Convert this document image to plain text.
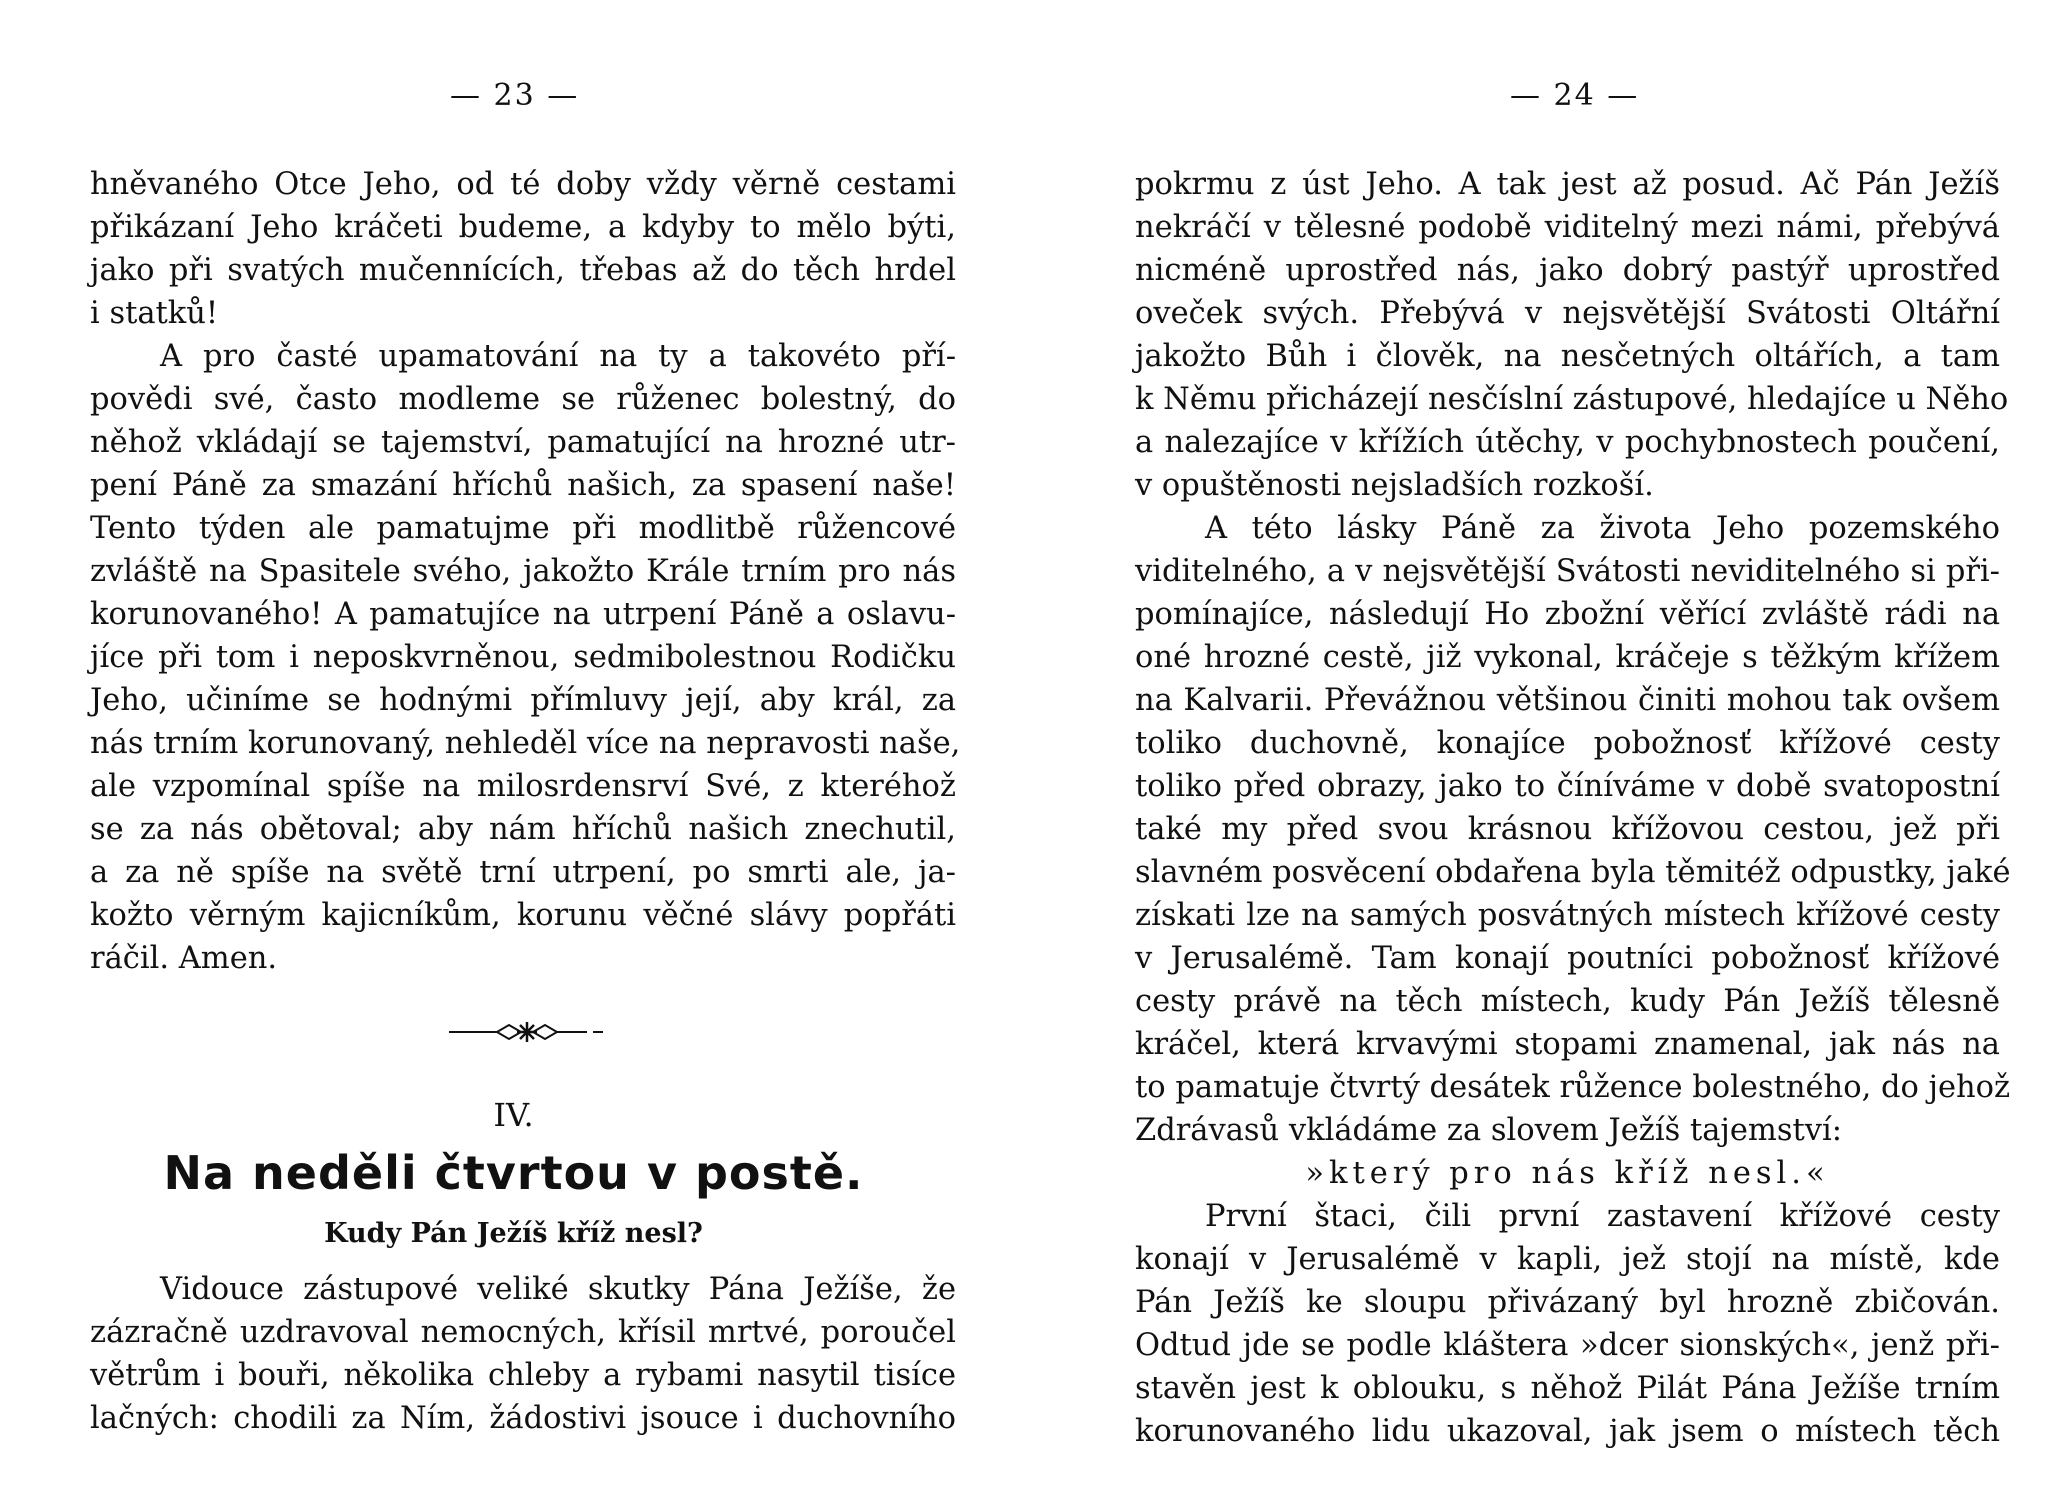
— 23 —
hněvaného Otce Jeho, od té doby vždy věrně cestami
přikázaní Jeho kráčeti budeme, a kdyby to mělo býti,
jako při svatých mučennících, třebas až do těch hrdel
i statků!
A pro časté upamatování na ty a takovéto pří-
povědi své, často modleme se růženec bolestný, do
něhož vkládají se tajemství, pamatující na hrozné utr-
pení Páně za smazání hříchů našich, za spasení naše!
Tento týden ale pamatujme při modlitbě růžencové
zvláště na Spasitele svého, jakožto Krále trním pro nás
korunovaného! A pamatujíce na utrpení Páně a oslavu-
jíce při tom i neposkvrněnou, sedmibolestnou Rodičku
Jeho, učiníme se hodnými přímluvy její, aby král, za
nás trním korunovaný, nehleděl více na nepravosti naše,
ale vzpomínal spíše na milosrdensrví Své, z kteréhož
se za nás obětoval; aby nám hříchů našich znechutil,
a za ně spíše na světě trní utrpení, po smrti ale, ja-
kožto věrným kajicníkům, korunu věčné slávy popřáti
ráčil. Amen.
IV.
Na neděli čtvrtou v postě.
Kudy Pán Ježíš kříž nesl?
Vidouce zástupové veliké skutky Pána Ježíše, že
zázračně uzdravoval nemocných, křísil mrtvé, poroučel
větrům i bouři, několika chleby a rybami nasytil tisíce
lačných: chodili za Ním, žádostivi jsouce i duchovního
— 24 —
pokrmu z úst Jeho. A tak jest až posud. Ač Pán Ježíš
nekráčí v tělesné podobě viditelný mezi námi, přebývá
nicméně uprostřed nás, jako dobrý pastýř uprostřed
oveček svých. Přebývá v nejsvětější Svátosti Oltářní
jakožto Bůh i člověk, na nesčetných oltářích, a tam
k Němu přicházejí nesčíslní zástupové, hledajíce u Něho
a nalezajíce v křížích útěchy, v pochybnostech poučení,
v opuštěnosti nejsladších rozkoší.
A této lásky Páně za života Jeho pozemského
viditelného, a v nejsvětější Svátosti neviditelného si při-
pomínajíce, následují Ho zbožní věřící zvláště rádi na
oné hrozné cestě, již vykonal, kráčeje s těžkým křížem
na Kalvarii. Převážnou většinou činiti mohou tak ovšem
toliko duchovně, konajíce pobožnosť křížové cesty
toliko před obrazy, jako to číníváme v době svatopostní
také my před svou krásnou křížovou cestou, jež při
slavném posvěcení obdařena byla těmitéž odpustky, jaké
získati lze na samých posvátných místech křížové cesty
v Jerusalémě. Tam konají poutníci pobožnosť křížové
cesty právě na těch místech, kudy Pán Ježíš tělesně
kráčel, která krvavými stopami znamenal, jak nás na
to pamatuje čtvrtý desátek růžence bolestného, do jehož
Zdrávasů vkládáme za slovem Ježíš tajemství:
»který pro nás kříž nesl.«
První štaci, čili první zastavení křížové cesty
konají v Jerusalémě v kapli, jež stojí na místě, kde
Pán Ježíš ke sloupu přivázaný byl hrozně zbičován.
Odtud jde se podle kláštera »dcer sionských«, jenž při-
stavěn jest k oblouku, s něhož Pilát Pána Ježíše trním
korunovaného lidu ukazoval, jak jsem o místech těch
